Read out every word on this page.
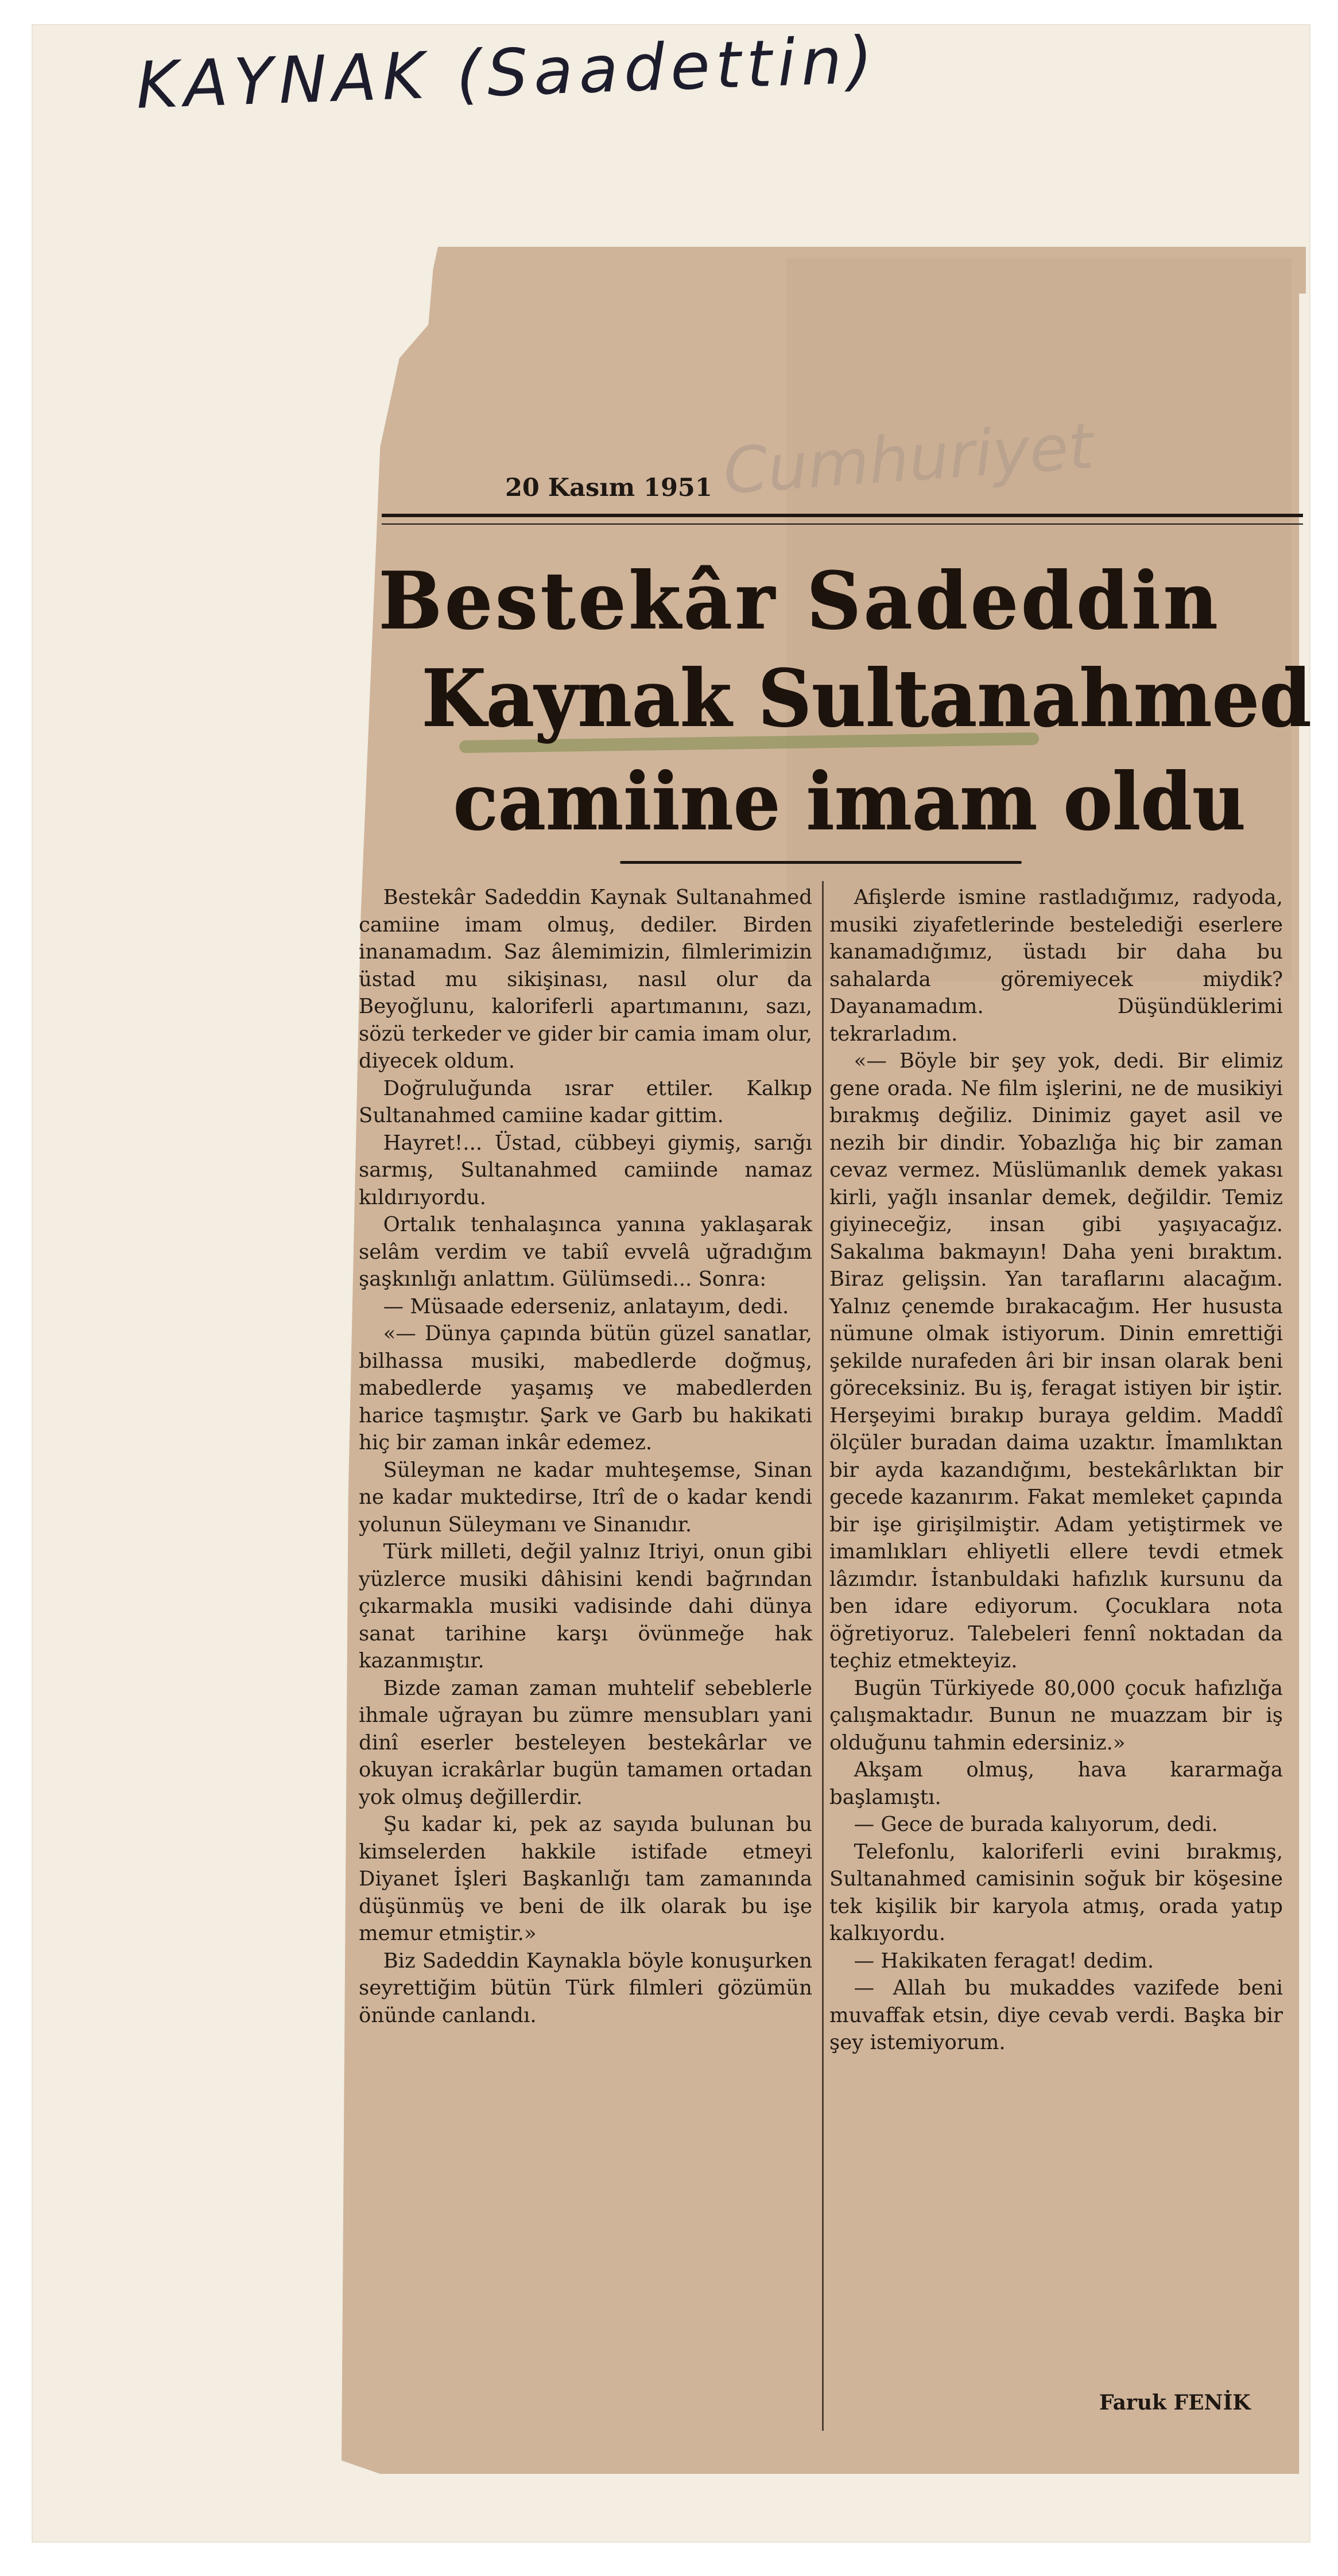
KAYNAK (Saadettin)
Cumhuriyet
20 Kasım 1951
Bestekâr Sadeddin
Kaynak Sultanahmed
camiine imam oldu

Bestekâr Sadeddin Kaynak Sultanahmed camiine imam olmuş, dediler. Birden inanamadım. Saz âlemimizin, filmlerimizin üstad mu sikişinası, nasıl olur da Beyoğlunu, kaloriferli apartımanını, sazı, sözü terkeder ve gider bir camia imam olur, diyecek oldum.

Doğruluğunda ısrar ettiler. Kalkıp Sultanahmed camiine kadar gittim.

Hayret!... Üstad, cübbeyi giymiş, sarığı sarmış, Sultanahmed camiinde namaz kıldırıyordu.

Ortalık tenhalaşınca yanına yaklaşarak selâm verdim ve tabiî evvelâ uğradığım şaşkınlığı anlattım. Gülümsedi... Sonra:

— Müsaade ederseniz, anlatayım, dedi.

«— Dünya çapında bütün güzel sanatlar, bilhassa musiki, mabedlerde doğmuş, mabedlerde yaşamış ve mabedlerden harice taşmıştır. Şark ve Garb bu hakikati hiç bir zaman inkâr edemez.

Süleyman ne kadar muhteşemse, Sinan ne kadar muktedirse, Itrî de o kadar kendi yolunun Süleymanı ve Sinanıdır.

Türk milleti, değil yalnız Itriyi, onun gibi yüzlerce musiki dâhisini kendi bağrından çıkarmakla musiki vadisinde dahi dünya sanat tarihine karşı övünmeğe hak kazanmıştır.

Bizde zaman zaman muhtelif sebeblerle ihmale uğrayan bu zümre mensubları yani dinî eserler besteleyen bestekârlar ve okuyan icrakârlar bugün tamamen ortadan yok olmuş değillerdir.

Şu kadar ki, pek az sayıda bulunan bu kimselerden hakkile istifade etmeyi Diyanet İşleri Başkanlığı tam zamanında düşünmüş ve beni de ilk olarak bu işe memur etmiştir.»

Biz Sadeddin Kaynakla böyle konuşurken seyrettiğim bütün Türk filmleri gözümün önünde canlandı.

Afişlerde ismine rastladığımız, radyoda, musiki ziyafetlerinde bestelediği eserlere kanamadığımız, üstadı bir daha bu sahalarda göremiyecek miydik? Dayanamadım. Düşündüklerimi tekrarladım.

«— Böyle bir şey yok, dedi. Bir elimiz gene orada. Ne film işlerini, ne de musikiyi bırakmış değiliz. Dinimiz gayet asil ve nezih bir dindir. Yobazlığa hiç bir zaman cevaz vermez. Müslümanlık demek yakası kirli, yağlı insanlar demek, değildir. Temiz giyineceğiz, insan gibi yaşıyacağız. Sakalıma bakmayın! Daha yeni bıraktım. Biraz gelişsin. Yan taraflarını alacağım. Yalnız çenemde bırakacağım. Her hususta nümune olmak istiyorum. Dinin emrettiği şekilde nurafeden âri bir insan olarak beni göreceksiniz. Bu iş, feragat istiyen bir iştir. Herşeyimi bırakıp buraya geldim. Maddî ölçüler buradan daima uzaktır. İmamlıktan bir ayda kazandığımı, bestekârlıktan bir gecede kazanırım. Fakat memleket çapında bir işe girişilmiştir. Adam yetiştirmek ve imamlıkları ehliyetli ellere tevdi etmek lâzımdır. İstanbuldaki hafızlık kursunu da ben idare ediyorum. Çocuklara nota öğretiyoruz. Talebeleri fennî noktadan da teçhiz etmekteyiz.

Bugün Türkiyede 80,000 çocuk hafızlığa çalışmaktadır. Bunun ne muazzam bir iş olduğunu tahmin edersiniz.»

Akşam olmuş, hava kararmağa başlamıştı.

— Gece de burada kalıyorum, dedi.

Telefonlu, kaloriferli evini bırakmış, Sultanahmed camisinin soğuk bir köşesine tek kişilik bir karyola atmış, orada yatıp kalkıyordu.

— Hakikaten feragat! dedim.

— Allah bu mukaddes vazifede beni muvaffak etsin, diye cevab verdi. Başka bir şey istemiyorum.

Faruk FENİK
